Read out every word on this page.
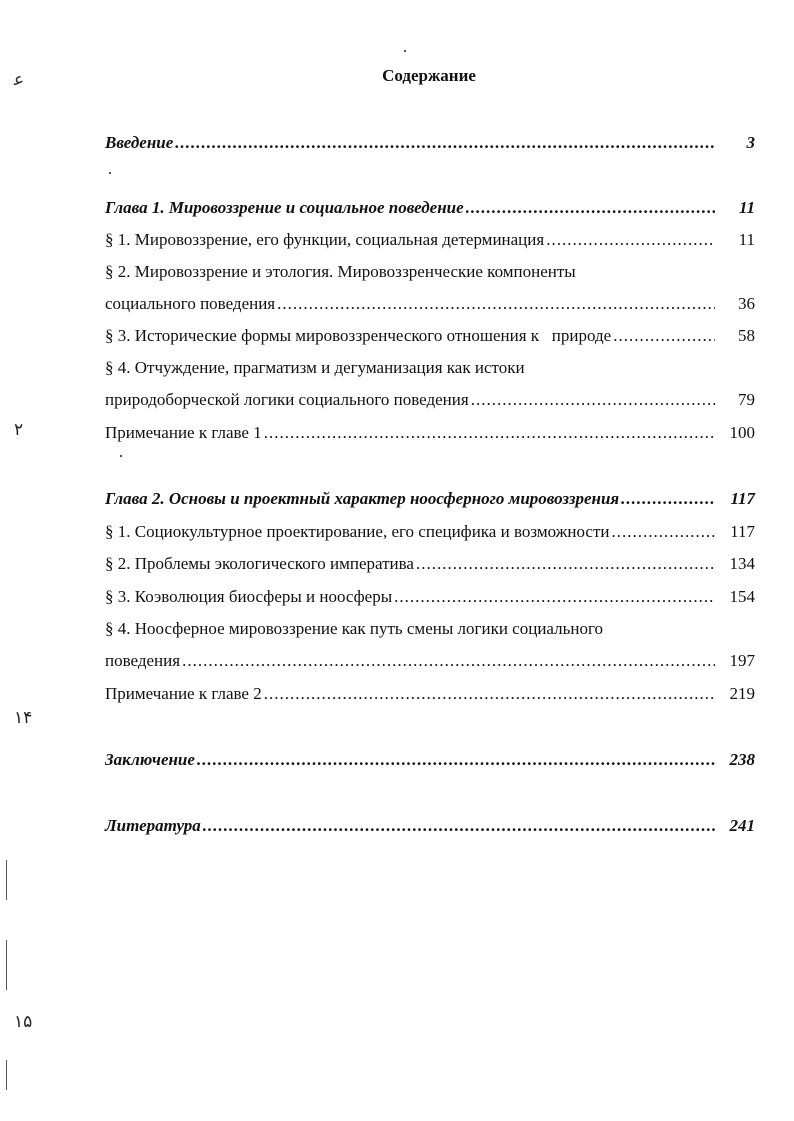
Содержание
Введение .....	3
Глава 1. Мировоззрение и социальное поведение .....	11
§ 1. Мировоззрение, его функции, социальная детерминация .....	11
§ 2. Мировоззрение и этология. Мировоззренческие компоненты
социального поведения .....	36
§ 3. Исторические формы мировоззренческого отношения к   природе .....	58
§ 4. Отчуждение, прагматизм и дегуманизация как истоки
природоборческой логики социального поведения .....	79
Примечание к главе 1 .....	100
Глава 2. Основы и проектный характер ноосферного мировоззрения .....	117
§ 1. Социокультурное проектирование, его специфика и возможности .....	117
§ 2. Проблемы экологического императива .....	134
§ 3. Коэволюция биосферы и ноосферы .....	154
§ 4. Ноосферное мировоззрение как путь смены логики социального
поведения .....	197
Примечание к главе 2 .....	219
Заключение .....	238
Литература .....	241
ﻋ
۲
۱۴
۱۵
